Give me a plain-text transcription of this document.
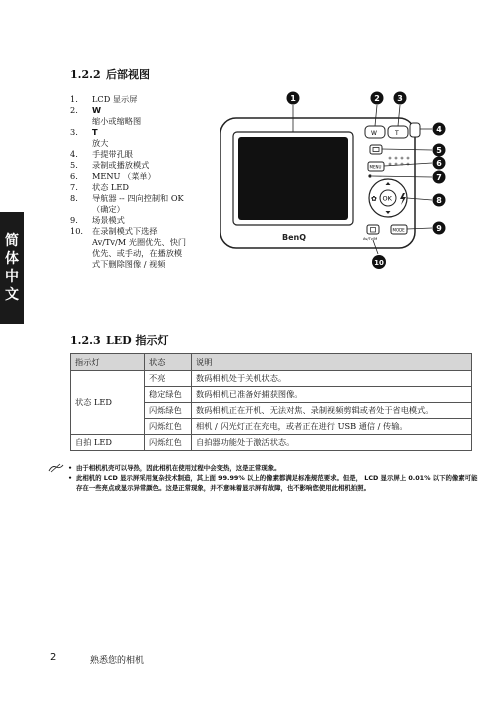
简
体
中
文
1.2.2 后部视图
1.	LCD 显示屏
2.	W
缩小或缩略图
3.	T
放大
4.	手提带孔眼
5.	录制或播放模式
6.	MENU （菜单）
7.	状态 LED
8.	导航器 -- 四向控制和 OK
（确定）
9.	场景模式
10.	在录制模式下选择
Av/Tv/M 光圈优先、快门
优先、或手动，在播放模
式下删除图像 / 视频
BenQ
W	T
MENU
OK
✿
Av/Tv/M
MODE
1	2 3
4
5
6
7
8
9
10
1.2.3 LED 指示灯
指示灯	状态	说明
状态 LED	不亮	数码相机处于关机状态。
	稳定绿色	数码相机已准备好捕获图像。
	闪烁绿色	数码相机正在开机、无法对焦、录制视频剪辑或者处于省电模式。
	闪烁红色	相机 / 闪光灯正在充电，或者正在进行 USB 通信 / 传输。
自拍 LED	闪烁红色	自拍器功能处于激活状态。
• 由于相机机壳可以导热，因此相机在使用过程中会变热，这是正常现象。
• 此相机的 LCD 显示屏采用复杂技术制造，其上面 99.99% 以上的像素都满足标准规范要求。但是， LCD 显示屏上 0.01% 以下的像素可能存在一些亮点或显示异常颜色。这是正常现象，并不意味着显示屏有故障，也不影响您使用此相机拍照。
2	熟悉您的相机
